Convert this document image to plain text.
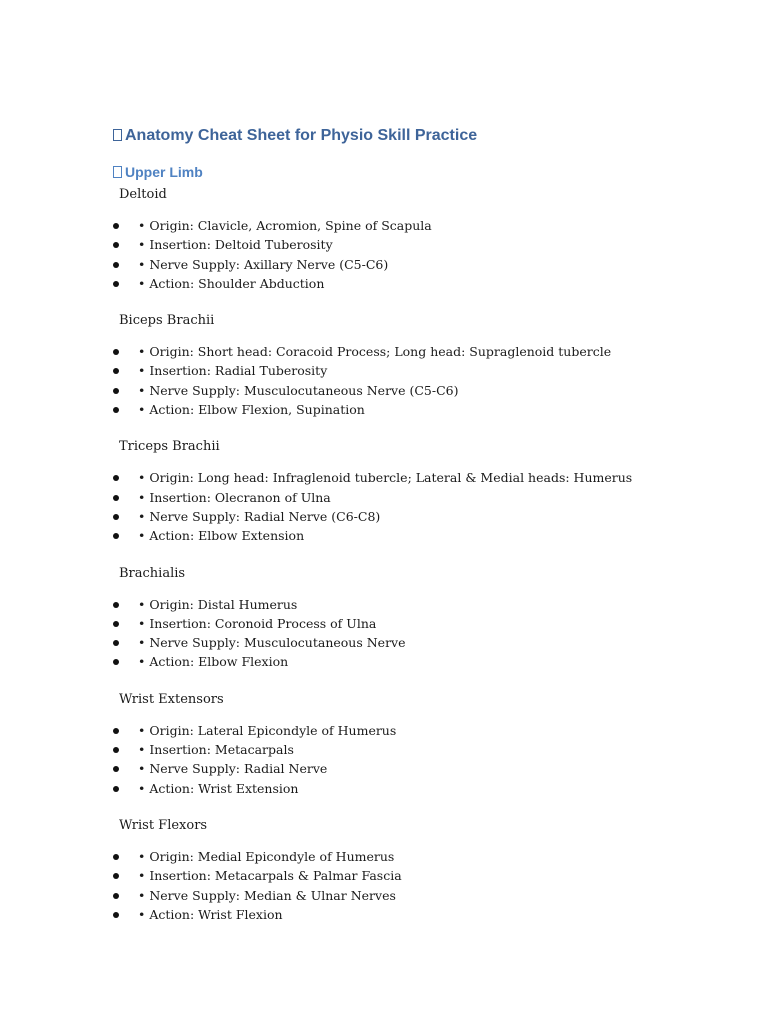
Anatomy Cheat Sheet for Physio Skill Practice
Upper Limb

Deltoid

• Origin: Clavicle, Acromion, Spine of Scapula
• Insertion: Deltoid Tuberosity
• Nerve Supply: Axillary Nerve (C5-C6)
• Action: Shoulder Abduction

Biceps Brachii

• Origin: Short head: Coracoid Process; Long head: Supraglenoid tubercle
• Insertion: Radial Tuberosity
• Nerve Supply: Musculocutaneous Nerve (C5-C6)
• Action: Elbow Flexion, Supination

Triceps Brachii

• Origin: Long head: Infraglenoid tubercle; Lateral & Medial heads: Humerus
• Insertion: Olecranon of Ulna
• Nerve Supply: Radial Nerve (C6-C8)
• Action: Elbow Extension

Brachialis

• Origin: Distal Humerus
• Insertion: Coronoid Process of Ulna
• Nerve Supply: Musculocutaneous Nerve
• Action: Elbow Flexion

Wrist Extensors

• Origin: Lateral Epicondyle of Humerus
• Insertion: Metacarpals
• Nerve Supply: Radial Nerve
• Action: Wrist Extension

Wrist Flexors

• Origin: Medial Epicondyle of Humerus
• Insertion: Metacarpals & Palmar Fascia
• Nerve Supply: Median & Ulnar Nerves
• Action: Wrist Flexion
